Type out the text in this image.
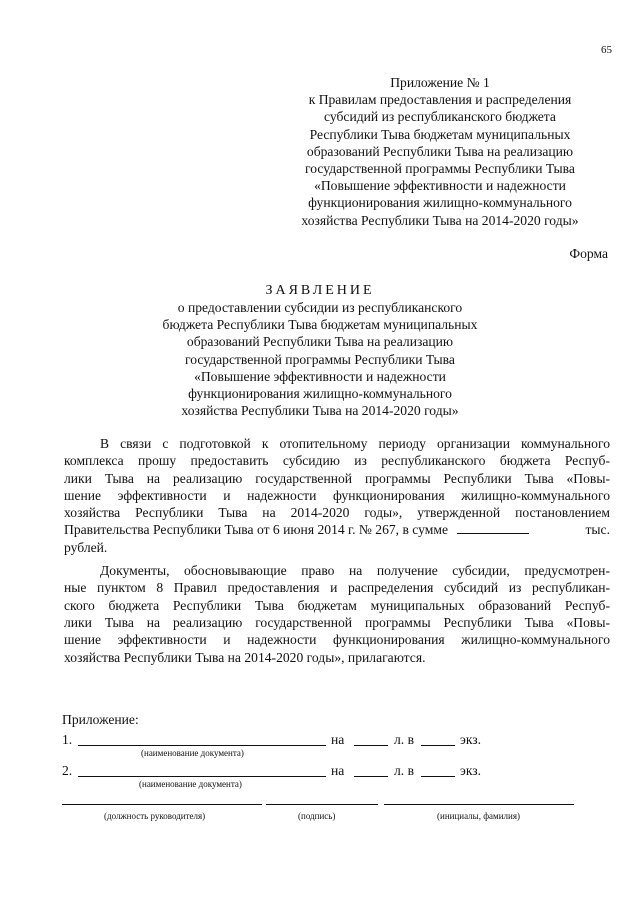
65
Приложение № 1
к Правилам предоставления и распределения
субсидий из республиканского бюджета
Республики Тыва бюджетам муниципальных
образований Республики Тыва на реализацию
государственной программы Республики Тыва
«Повышение эффективности и надежности
функционирования жилищно-коммунального
хозяйства Республики Тыва на 2014-2020 годы»
Форма
ЗАЯВЛЕНИЕ
о предоставлении субсидии из республиканского
бюджета Республики Тыва бюджетам муниципальных
образований Республики Тыва на реализацию
государственной программы Республики Тыва
«Повышение эффективности и надежности
функционирования жилищно-коммунального
хозяйства Республики Тыва на 2014-2020 годы»
В связи с подготовкой к отопительному периоду организации коммунального
комплекса прошу предоставить субсидию из республиканского бюджета Респуб-
лики Тыва на реализацию государственной программы Республики Тыва «Повы-
шение эффективности и надежности функционирования жилищно-коммунального
хозяйства Республики Тыва на 2014-2020 годы», утвержденной постановлением
Правительства Республики Тыва от 6 июня 2014 г. № 267, в сумме	тыс.
рублей.
Документы, обосновывающие право на получение субсидии, предусмотрен-
ные пунктом 8 Правил предоставления и распределения субсидий из республикан-
ского бюджета Республики Тыва бюджетам муниципальных образований Респуб-
лики Тыва на реализацию государственной программы Республики Тыва «Повы-
шение эффективности и надежности функционирования жилищно-коммунального
хозяйства Республики Тыва на 2014-2020 годы», прилагаются.
Приложение:
1.	на	л. в	экз.
(наименование документа)
2.	на	л. в	экз.
(наименование документа)
(должность руководителя)	(подпись)	(инициалы, фамилия)
